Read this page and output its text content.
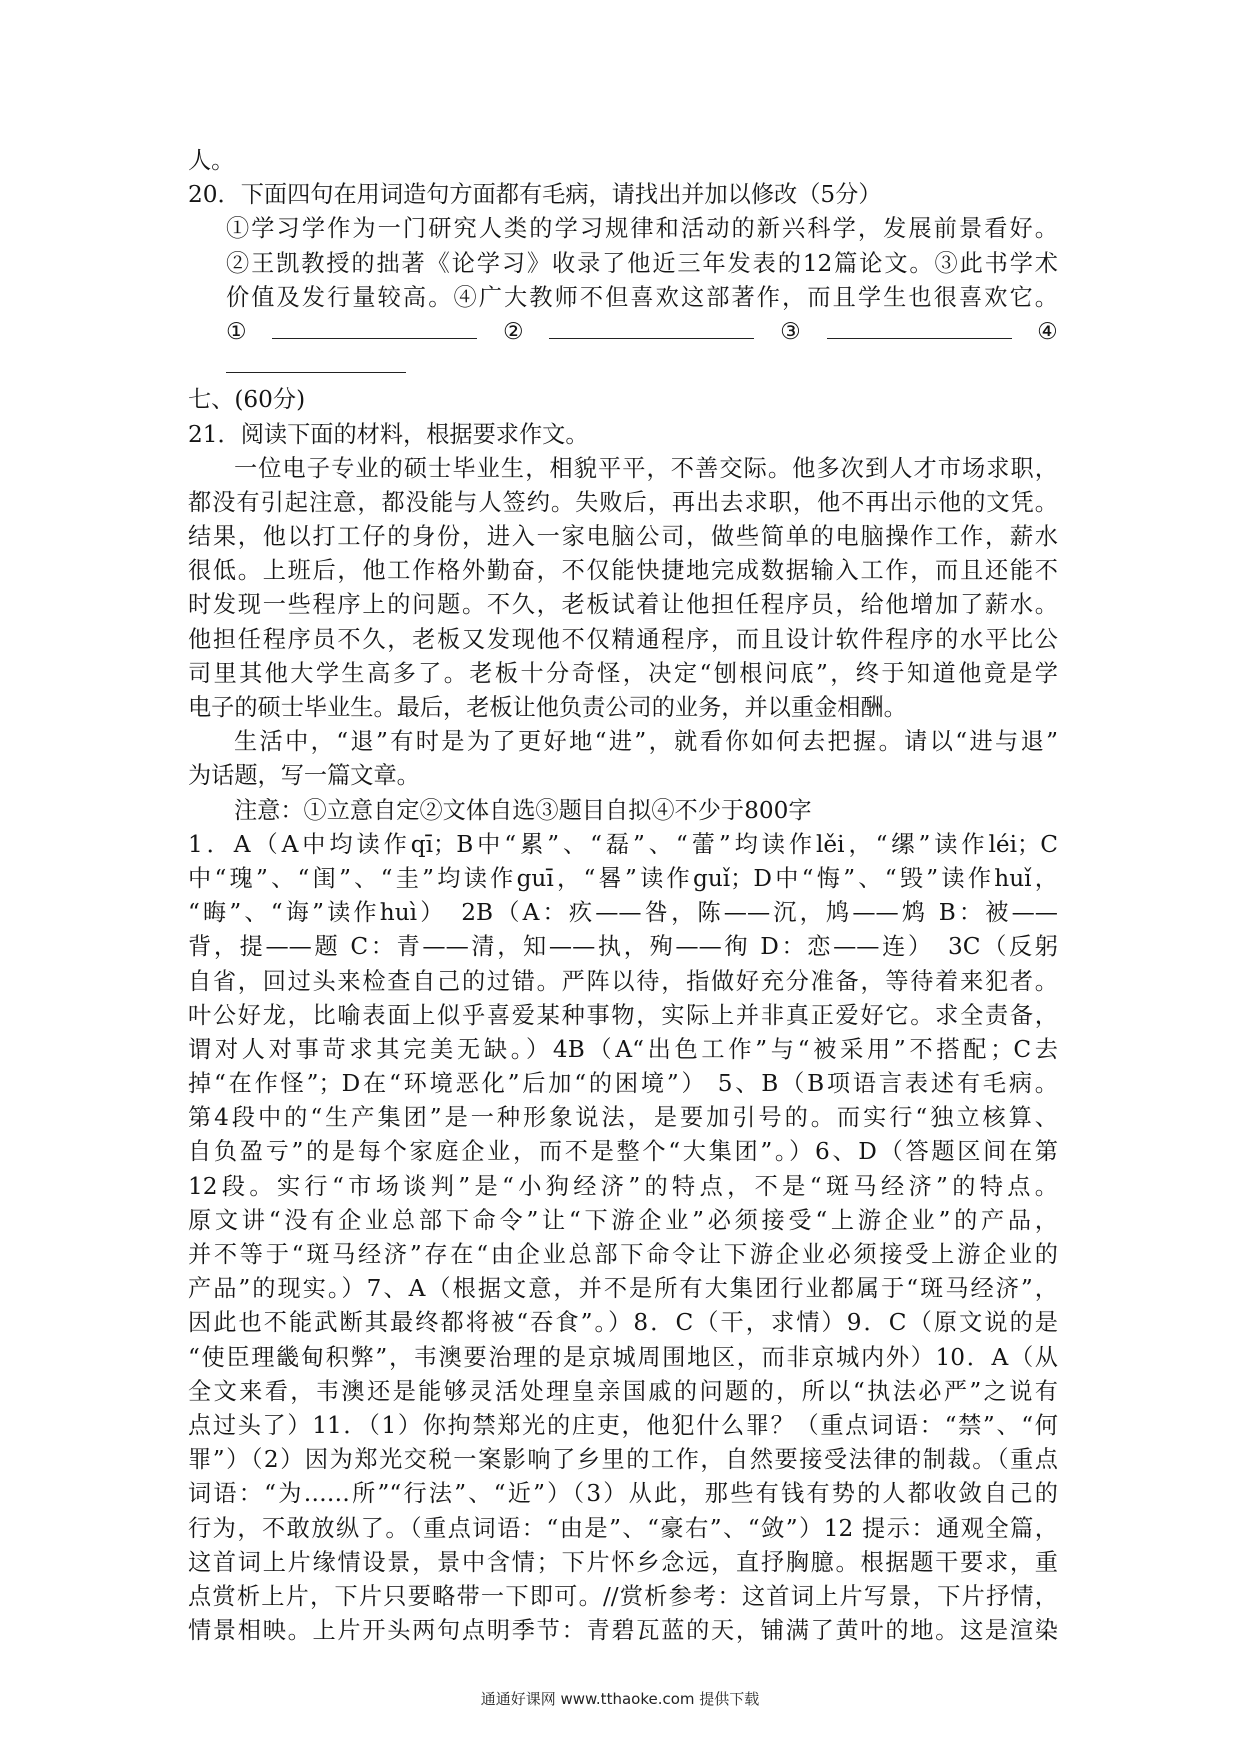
人。
20．下面四句在用词造句方面都有毛病，请找出并加以修改（5分）
①学习学作为一门研究人类的学习规律和活动的新兴科学，发展前景看好。
②王凯教授的拙著《论学习》收录了他近三年发表的12篇论文。③此书学术
价值及发行量较高。④广大教师不但喜欢这部著作，而且学生也很喜欢它。
①	②	③	④
七、(60分)
21．阅读下面的材料，根据要求作文。
一位电子专业的硕士毕业生，相貌平平，不善交际。他多次到人才市场求职，
都没有引起注意，都没能与人签约。失败后，再出去求职，他不再出示他的文凭。
结果，他以打工仔的身份，进入一家电脑公司，做些简单的电脑操作工作，薪水
很低。上班后，他工作格外勤奋，不仅能快捷地完成数据输入工作，而且还能不
时发现一些程序上的问题。不久，老板试着让他担任程序员，给他增加了薪水。
他担任程序员不久，老板又发现他不仅精通程序，而且设计软件程序的水平比公
司里其他大学生高多了。老板十分奇怪，决定“刨根问底”，终于知道他竟是学
电子的硕士毕业生。最后，老板让他负责公司的业务，并以重金相酬。
生活中，“退”有时是为了更好地“进”，就看你如何去把握。请以“进与退”
为话题，写一篇文章。
注意：①立意自定②文体自选③题目自拟④不少于800字
1．A（A中均读作qī；B中“累”、“磊”、“蕾”均读作lěi，“缧”读作léi；C
中“瑰”、“闺”、“圭”均读作guī，“晷”读作guǐ；D中“悔”、“毁”读作huǐ，
“晦”、“诲”读作huì）　2B（A：疚——咎，陈——沉，鸠——鸩 B：被——
背，提——题 C：青——清，知——执，殉——徇 D：恋——连）　3C（反躬
自省，回过头来检查自己的过错。严阵以待，指做好充分准备，等待着来犯者。
叶公好龙，比喻表面上似乎喜爱某种事物，实际上并非真正爱好它。求全责备，
谓对人对事苛求其完美无缺。）4B（A“出色工作”与“被采用”不搭配；C去
掉“在作怪”；D在“环境恶化”后加“的困境”） 5、B（B项语言表述有毛病。
第4段中的“生产集团”是一种形象说法，是要加引号的。而实行“独立核算、
自负盈亏”的是每个家庭企业，而不是整个“大集团”。）6、D（答题区间在第
12段。实行“市场谈判”是“小狗经济”的特点，不是“斑马经济”的特点。
原文讲“没有企业总部下命令”让“下游企业”必须接受“上游企业”的产品，
并不等于“斑马经济”存在“由企业总部下命令让下游企业必须接受上游企业的
产品”的现实。）7、A（根据文意，并不是所有大集团行业都属于“斑马经济”，
因此也不能武断其最终都将被“吞食”。）8．C（干，求情）9．C（原文说的是
“使臣理畿甸积弊”，韦澳要治理的是京城周围地区，而非京城内外）10．A（从
全文来看，韦澳还是能够灵活处理皇亲国戚的问题的，所以“执法必严”之说有
点过头了）11．（1）你拘禁郑光的庄吏，他犯什么罪？（重点词语：“禁”、“何
罪”）（2）因为郑光交税一案影响了乡里的工作，自然要接受法律的制裁。（重点
词语：“为……所”“行法”、“近”）（3）从此，那些有钱有势的人都收敛自己的
行为，不敢放纵了。（重点词语：“由是”、“豪右”、“敛”）12 提示：通观全篇，
这首词上片缘情设景，景中含情；下片怀乡念远，直抒胸臆。根据题干要求，重
点赏析上片，下片只要略带一下即可。//赏析参考：这首词上片写景，下片抒情，
情景相映。上片开头两句点明季节：青碧瓦蓝的天，铺满了黄叶的地。这是渲染
通通好课网 www.tthaoke.com 提供下载
